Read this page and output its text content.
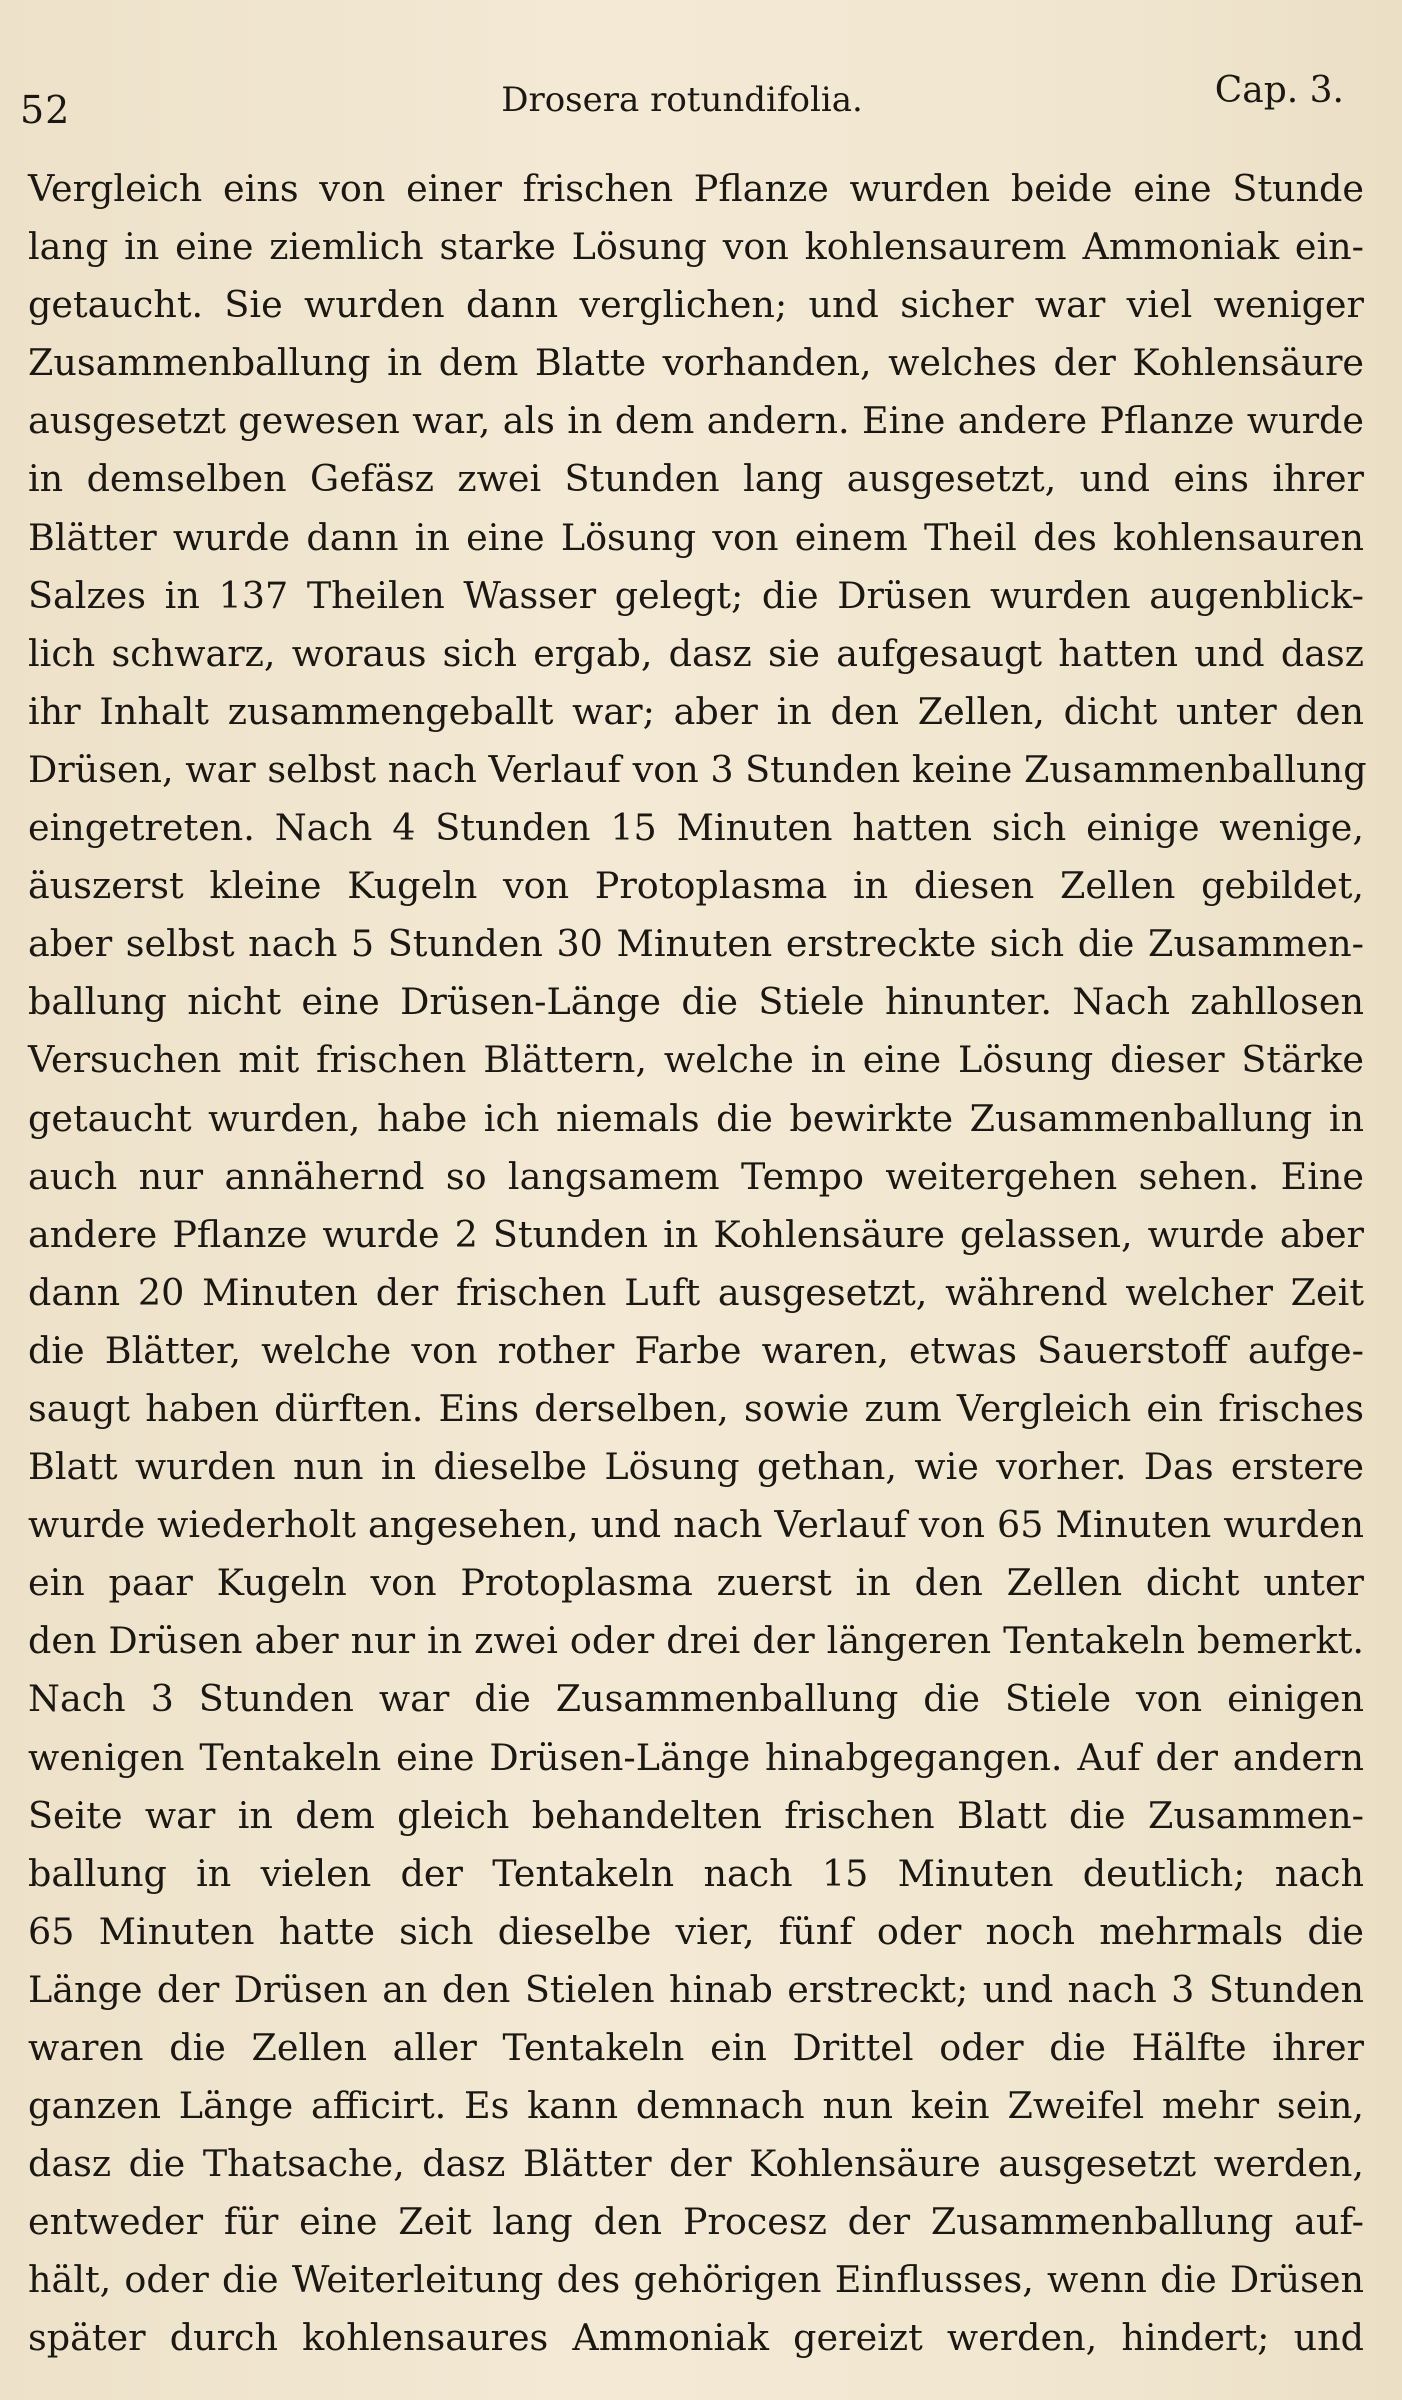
52	Drosera rotundifolia.	Cap. 3.
Vergleich eins von einer frischen Pflanze wurden beide eine Stunde
lang in eine ziemlich starke Lösung von kohlensaurem Ammoniak ein-
getaucht. Sie wurden dann verglichen; und sicher war viel weniger
Zusammenballung in dem Blatte vorhanden, welches der Kohlensäure
ausgesetzt gewesen war, als in dem andern. Eine andere Pflanze wurde
in demselben Gefäsz zwei Stunden lang ausgesetzt, und eins ihrer
Blätter wurde dann in eine Lösung von einem Theil des kohlensauren
Salzes in 137 Theilen Wasser gelegt; die Drüsen wurden augenblick-
lich schwarz, woraus sich ergab, dasz sie aufgesaugt hatten und dasz
ihr Inhalt zusammengeballt war; aber in den Zellen, dicht unter den
Drüsen, war selbst nach Verlauf von 3 Stunden keine Zusammenballung
eingetreten. Nach 4 Stunden 15 Minuten hatten sich einige wenige,
äuszerst kleine Kugeln von Protoplasma in diesen Zellen gebildet,
aber selbst nach 5 Stunden 30 Minuten erstreckte sich die Zusammen-
ballung nicht eine Drüsen-Länge die Stiele hinunter. Nach zahllosen
Versuchen mit frischen Blättern, welche in eine Lösung dieser Stärke
getaucht wurden, habe ich niemals die bewirkte Zusammenballung in
auch nur annähernd so langsamem Tempo weitergehen sehen. Eine
andere Pflanze wurde 2 Stunden in Kohlensäure gelassen, wurde aber
dann 20 Minuten der frischen Luft ausgesetzt, während welcher Zeit
die Blätter, welche von rother Farbe waren, etwas Sauerstoff aufge-
saugt haben dürften. Eins derselben, sowie zum Vergleich ein frisches
Blatt wurden nun in dieselbe Lösung gethan, wie vorher. Das erstere
wurde wiederholt angesehen, und nach Verlauf von 65 Minuten wurden
ein paar Kugeln von Protoplasma zuerst in den Zellen dicht unter
den Drüsen aber nur in zwei oder drei der längeren Tentakeln bemerkt.
Nach 3 Stunden war die Zusammenballung die Stiele von einigen
wenigen Tentakeln eine Drüsen-Länge hinabgegangen. Auf der andern
Seite war in dem gleich behandelten frischen Blatt die Zusammen-
ballung in vielen der Tentakeln nach 15 Minuten deutlich; nach
65 Minuten hatte sich dieselbe vier, fünf oder noch mehrmals die
Länge der Drüsen an den Stielen hinab erstreckt; und nach 3 Stunden
waren die Zellen aller Tentakeln ein Drittel oder die Hälfte ihrer
ganzen Länge afficirt. Es kann demnach nun kein Zweifel mehr sein,
dasz die Thatsache, dasz Blätter der Kohlensäure ausgesetzt werden,
entweder für eine Zeit lang den Procesz der Zusammenballung auf-
hält, oder die Weiterleitung des gehörigen Einflusses, wenn die Drüsen
später durch kohlensaures Ammoniak gereizt werden, hindert; und
